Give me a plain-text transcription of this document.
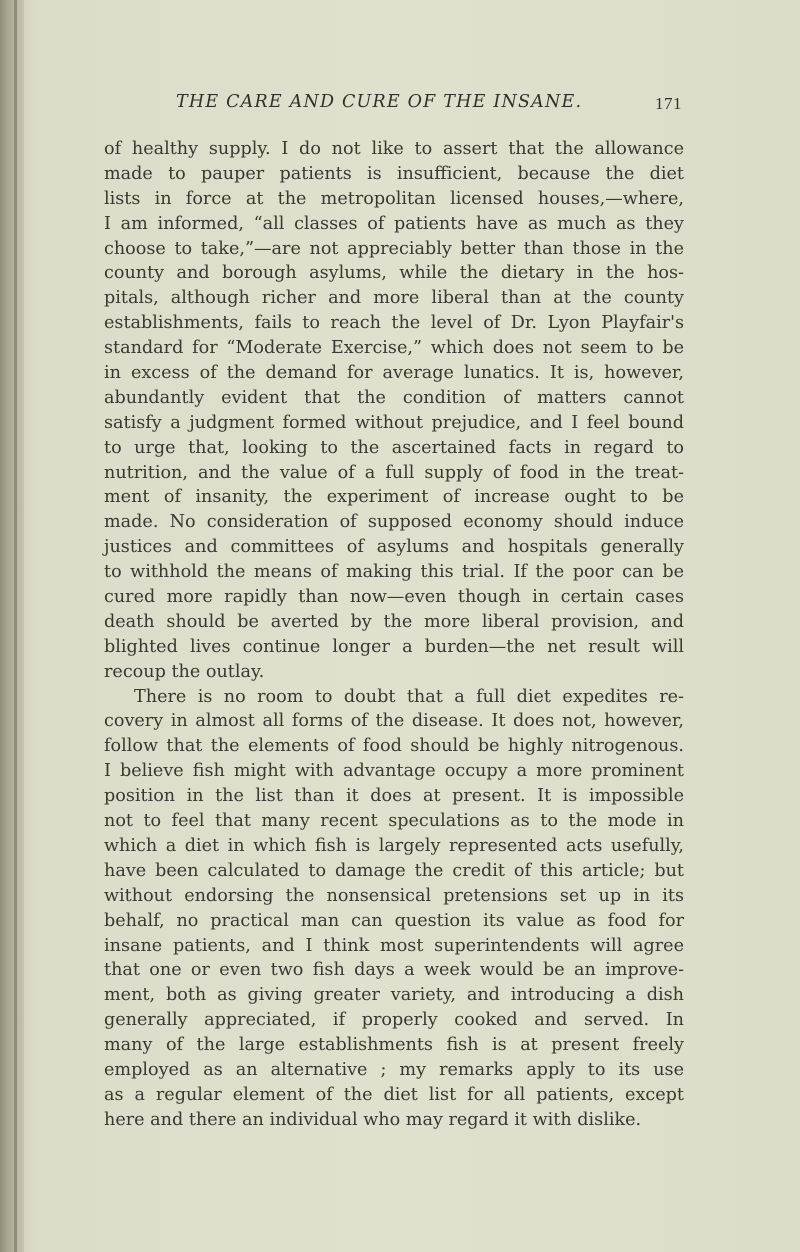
THE CARE AND CURE OF THE INSANE.	171
of healthy supply. I do not like to assert that the allowance
made to pauper patients is insufficient, because the diet
lists in force at the metropolitan licensed houses,—where,
I am informed, “all classes of patients have as much as they
choose to take,”—are not appreciably better than those in the
county and borough asylums, while the dietary in the hos-
pitals, although richer and more liberal than at the county
establishments, fails to reach the level of Dr. Lyon Playfair's
standard for “Moderate Exercise,” which does not seem to be
in excess of the demand for average lunatics. It is, however,
abundantly evident that the condition of matters cannot
satisfy a judgment formed without prejudice, and I feel bound
to urge that, looking to the ascertained facts in regard to
nutrition, and the value of a full supply of food in the treat-
ment of insanity, the experiment of increase ought to be
made. No consideration of supposed economy should induce
justices and committees of asylums and hospitals generally
to withhold the means of making this trial. If the poor can be
cured more rapidly than now—even though in certain cases
death should be averted by the more liberal provision, and
blighted lives continue longer a burden—the net result will
recoup the outlay.
There is no room to doubt that a full diet expedites re-
covery in almost all forms of the disease. It does not, however,
follow that the elements of food should be highly nitrogenous.
I believe fish might with advantage occupy a more prominent
position in the list than it does at present. It is impossible
not to feel that many recent speculations as to the mode in
which a diet in which fish is largely represented acts usefully,
have been calculated to damage the credit of this article; but
without endorsing the nonsensical pretensions set up in its
behalf, no practical man can question its value as food for
insane patients, and I think most superintendents will agree
that one or even two fish days a week would be an improve-
ment, both as giving greater variety, and introducing a dish
generally appreciated, if properly cooked and served. In
many of the large establishments fish is at present freely
employed as an alternative ; my remarks apply to its use
as a regular element of the diet list for all patients, except
here and there an individual who may regard it with dislike.
